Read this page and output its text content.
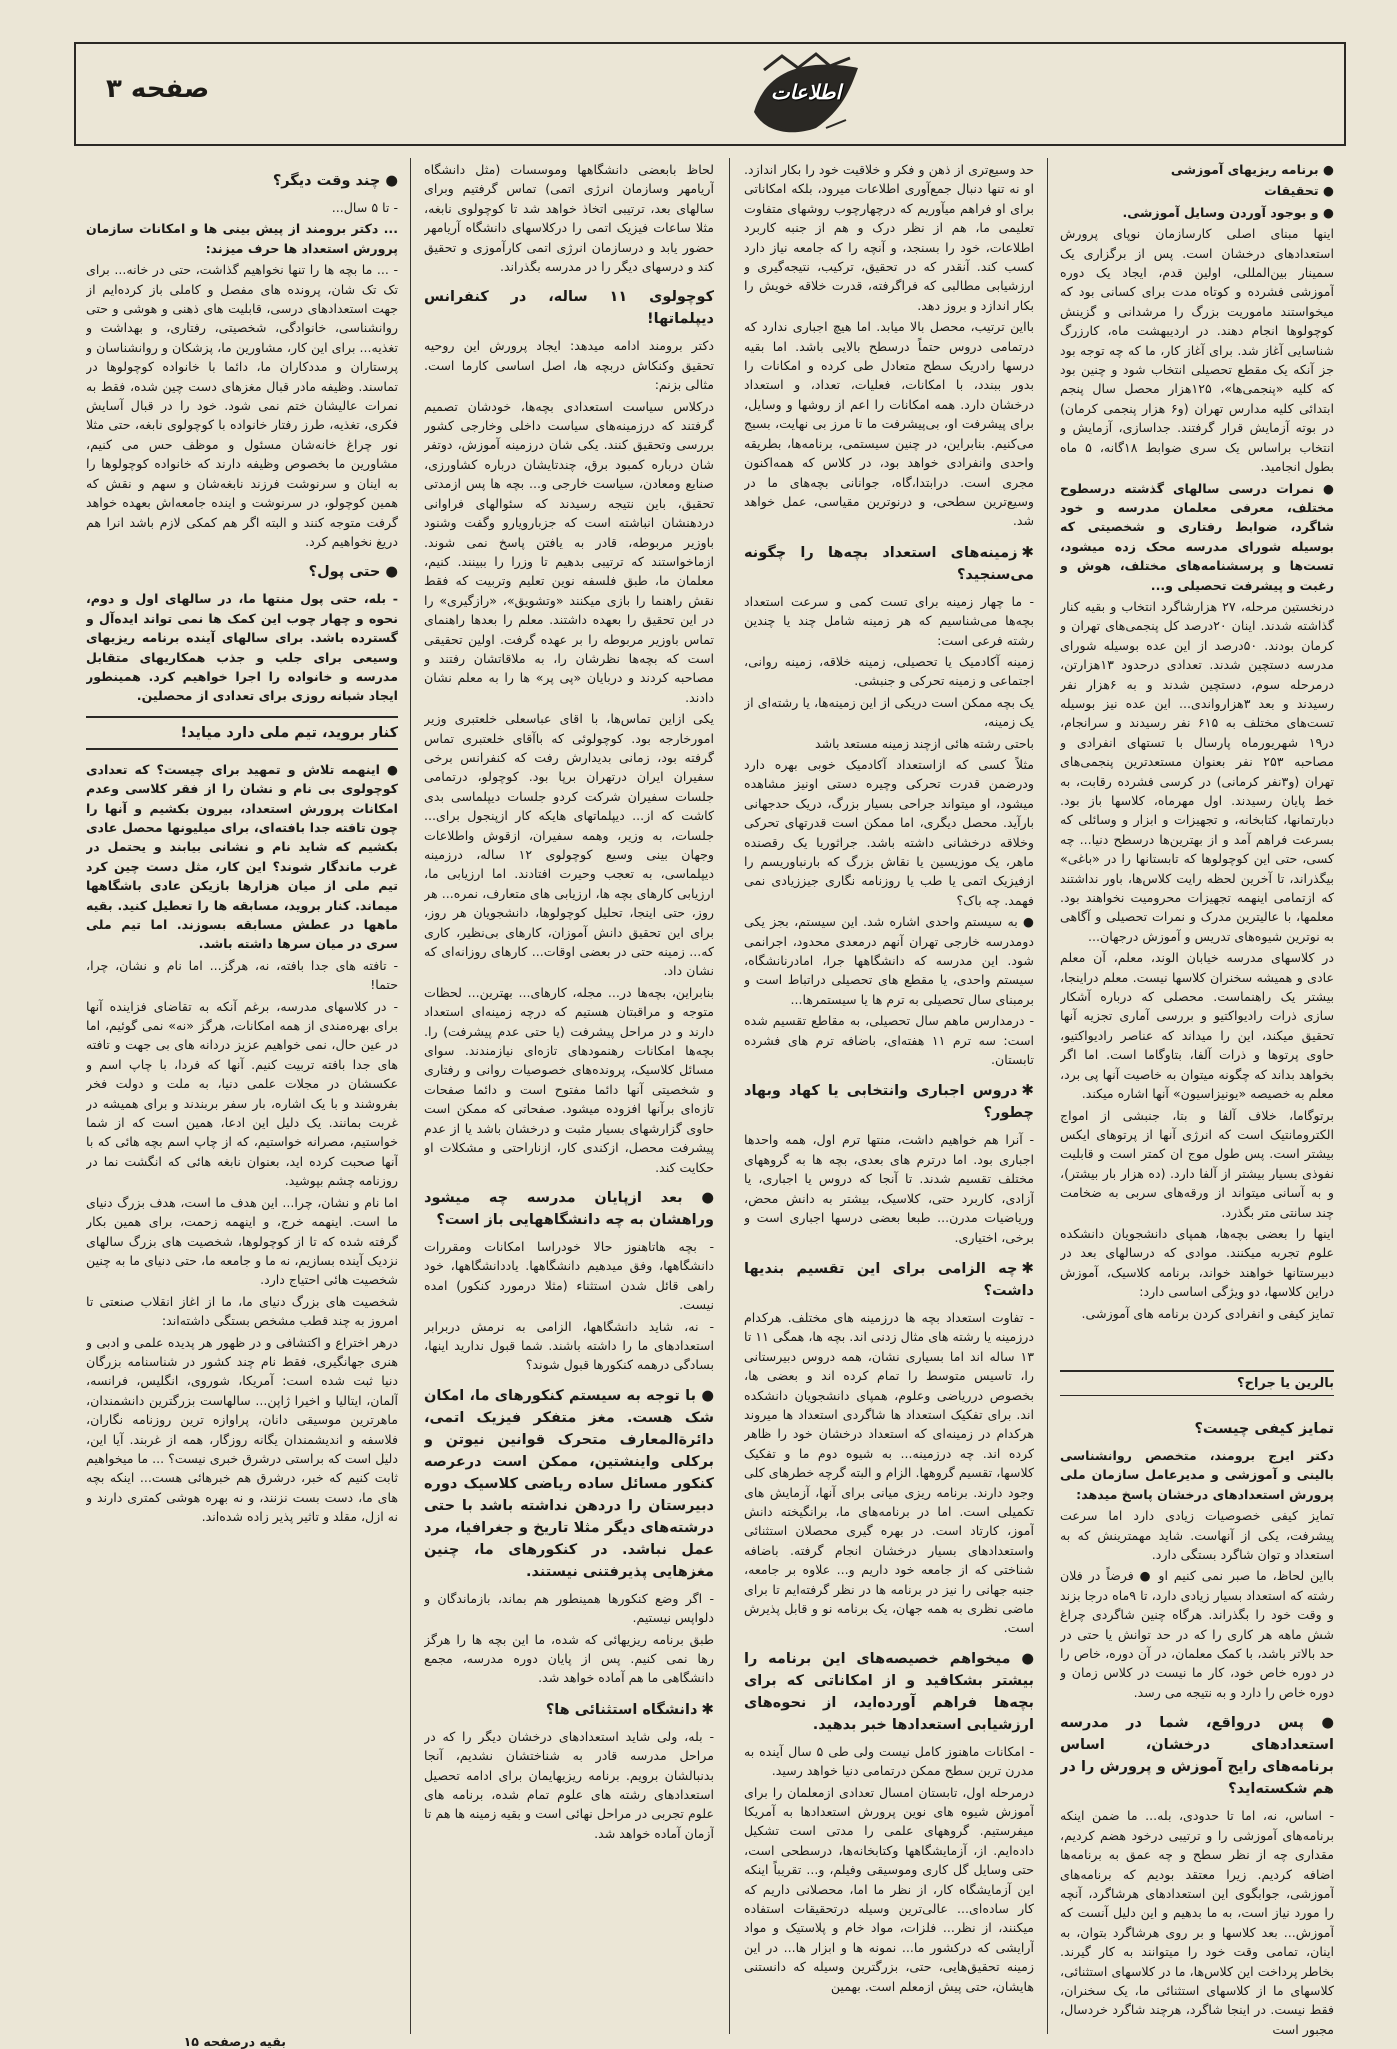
صفحه ۳	اطلاعات

● برنامه ریزیهای آموزشی

● تحقیقات

● و بوجود آوردن وسایل آموزشی.

اینها مبنای اصلی کارسازمان نوپای پرورش استعدادهای درخشان است. پس از برگزاری یک سمینار بین‌المللی، اولین قدم، ایجاد یک دوره آموزشی فشرده و کوتاه مدت برای کسانی بود که میخواستند ماموریت بزرگ را مرشدانی و گزینش کوچولوها انجام دهند. در اردیبهشت ماه، کارزرگ شناسایی آغاز شد. برای آغاز کار، ما که چه توجه بود جز آنکه یک مقطع تحصیلی انتخاب شود و چنین بود که کلیه «پنجمی‌ها»، ۱۲۵هزار محصل سال پنجم ابتدائی کلیه مدارس تهران (و۶ هزار پنجمی کرمان) در بوته آزمایش قرار گرفتند. جداسازی، آزمایش و انتخاب براساس یک سری ضوابط ۱۸گانه، ۵ ماه بطول انجامید.

● نمرات درسی سالهای گذشته درسطوح مختلف، معرفی معلمان مدرسه و خود شاگرد، ضوابط رفتاری و شخصیتی که بوسیله شورای مدرسه محک زده میشود، تست‌ها و پرسشنامه‌های مختلف، هوش و رغبت و پیشرفت تحصیلی و...

درنخستین مرحله، ۲۷ هزارشاگرد انتخاب و بقیه کنار گذاشته شدند. اینان ۲۰درصد کل پنجمی‌های تهران و کرمان بودند. ۵۰درصد از این عده بوسیله شورای مدرسه دستچین شدند. تعدادی درحدود ۱۳هزارتن، درمرحله سوم، دستچین شدند و به ۶هزار نفر رسیدند و بعد ۳هزارواندی... این عده نیز بوسیله تست‌های مختلف به ۶۱۵ نفر رسیدند و سرانجام، در۱۹ شهریورماه پارسال با تستهای انفرادی و مصاحبه ۲۵۳ نفر بعنوان مستعدترین پنجمی‌های تهران (و۳نفر کرمانی) در کرسی فشرده رقابت، به خط پایان رسیدند. اول مهرماه، کلاسها باز بود. دبارتمانها، کتابخانه، و تجهیزات و ابزار و وسائلی که بسرعت فراهم آمد و از بهترین‌ها درسطح دنیا... چه کسی، حتی این کوچولوها که تابستانها را در «باغی» بیگذراند، تا آخرین لحظه رایت کلاس‌ها، باور نداشتند که ازتمامی اینهمه تجهیزات محرومیت نخواهند بود. معلمها، با عالیترین مدرک و نمرات تحصیلی و آگاهی به نوترین شیوه‌های تدریس و آموزش درجهان...

در کلاسهای مدرسه خیابان الوند، معلم، آن معلم عادی و همیشه سخنران کلاسها نیست. معلم دراینجا، بیشتر یک راهنماست. محصلی که درباره آشکار سازی ذرات رادیواکتیو و بررسی آماری تجزیه آنها تحقیق میکند، این را میداند که عناصر رادیواکتیو، حاوی پرتوها و ذرات آلفا، بتاوگاما است. اما اگر بخواهد بداند که چگونه میتوان به خاصیت آنها پی برد، معلم به خصیصه «یونیزاسیون» آنها اشاره میکند.

برتوگاما، خلاف آلفا و بتا، جنبشی از امواج الکترومانتیک است که انرژی آنها از پرتوهای ایکس بیشتر است. پس طول موج ان کمتر است و قابلیت نفوذی بسیار بیشتر از آلفا دارد. (ده هزار بار بیشتر)، و به آسانی میتواند از ورقه‌های سربی به ضخامت چند سانتی متر بگذرد.

اینها را بعضی بچه‌ها، همپای دانشجویان دانشکده علوم تجربه میکنند. موادی که درسالهای بعد در دبیرستانها خواهند خواند، برنامه کلاسیک، آموزش دراین کلاسها، دو ویژگی اساسی دارد:

تمایز کیفی و انفرادی کردن برنامه های آموزشی.

بالرین یا جراح؟

تمایز کیفی چیست؟

دکتر ایرج برومند، متخصص روانشناسی بالینی و آموزشی و مدیرعامل سازمان ملی پرورش استعدادهای درخشان پاسخ میدهد:

تمایز کیفی خصوصیات زیادی دارد اما سرعت پیشرفت، یکی از آنهاست. شاید مهمترینش که به استعداد و توان شاگرد بستگی دارد.

بااین لحاظ، ما صبر نمی کنیم او ● فرضاً در فلان رشته که استعداد بسیار زیادی دارد، تا ۹ماه درجا بزند و وقت خود را بگذراند. هرگاه چنین شاگردی چراغ شش ماهه هر کاری را که در حد توانش یا حتی در حد بالاتر باشد، با کمک معلمان، در آن دوره، خاص را در دوره خاص خود، کار ما نیست در کلاس زمان و دوره خاص را دارد و به نتیجه می رسد.

● پس درواقع، شما در مدرسه استعدادهای درخشان، اساس برنامه‌های رایج آموزش و پرورش را در هم شکسته‌اید؟

- اساس، نه، اما تا حدودی، بله... ما ضمن اینکه برنامه‌های آموزشی را و ترتیبی درخود هضم کردیم، مقداری چه از نظر سطح و چه عمق به برنامه‌ها اضافه کردیم. زیرا معتقد بودیم که برنامه‌های آموزشی، جوابگوی این استعدادهای هرشاگرد، آنچه را مورد نیاز است، به ما بدهیم و این دلیل آنست که آموزش... بعد کلاسها و بر روی هرشاگرد بتوان، به اینان، تمامی وقت خود را میتوانند به کار گیرند. بخاطر پرداخت این کلاس‌ها، ما در کلاسهای استثنائی، کلاسهای ما از کلاسهای استثنائی ما، یک سخنران، فقط نیست. در اینجا شاگرد، هرچند شاگرد خردسال، مجبور است

حد وسیع‌تری از ذهن و فکر و خلاقیت خود را بکار اندازد. او نه تنها دنبال جمع‌آوری اطلاعات میرود، بلکه امکاناتی برای او فراهم میآوریم که درچهارچوب روشهای متفاوت تعلیمی ما، هم از نظر درک و هم از جنبه کاربرد اطلاعات، خود را بسنجد، و آنچه را که جامعه نیاز دارد کسب کند. آنقدر که در تحقیق، ترکیب، نتیجه‌گیری و ارزشیابی مطالبی که فراگرفته، قدرت خلاقه خویش را بکار اندازد و بروز دهد.

بااین ترتیب، محصل بالا میابد. اما هیچ اجباری ندارد که درتمامی دروس حتماً درسطح بالایی باشد. اما بقیه درسها رادریک سطح متعادل طی کرده و امکانات را بدور ببندد، با امکانات، فعلیات، تعداد، و استعداد درخشان دارد. همه امکانات را اعم از روشها و وسایل، برای پیشرفت او، بی‌پیشرفت ما تا مرز بی نهایت، بسیج می‌کنیم. بنابراین، در چنین سیستمی، برنامه‌ها، بطریقه واحدی وانفرادی خواهد بود، در کلاس که همه‌اکنون مجری است. درابتدا،گاه، جوانانی بچه‌های ما در وسیع‌ترین سطحی، و درنوترین مقیاسی، عمل خواهد شد.

✱زمینه‌های استعداد بچه‌ها را چگونه می‌سنجید؟

- ما چهار زمینه برای تست کمی و سرعت استعداد بچه‌ها می‌شناسیم که هر زمینه شامل چند یا چندین رشته فرعی است:

زمینه آکادمیک یا تحصیلی، زمینه خلاقه، زمینه روانی، اجتماعی و زمینه تحرکی و جنبشی.

یک بچه ممکن است دریکی از این زمینه‌ها، یا رشته‌ای از یک زمینه،

باحتی رشته هائی ازچند زمینه مستعد باشد

مثلاً کسی که ازاستعداد آکادمیک خوبی بهره دارد ودرضمن قدرت تحرکی وچیره دستی اونیز مشاهده میشود، او میتواند جراحی بسیار بزرگ، دریک حدجهانی بارآید. محصل دیگری، اما ممکن است قدرتهای تحرکی وخلاقه درخشانی داشته باشد. جراثوریا یک رقصنده ماهر، یک موزیسین یا نقاش بزرگ که بارنباوریسم را ازفیزیک اتمی یا طب یا روزنامه نگاری جیززیادی نمی فهمد. چه باک؟

● به سیستم واحدی اشاره شد. این سیستم، بجز یکی دومدرسه خارجی تهران آنهم درمعدی محدود، اجرانمی شود. این مدرسه که دانشگاهها جرا، امادرنانشگاه، سیستم واحدی، یا مقطع های تحصیلی دراتباط است و برمبنای سال تحصیلی به ترم ها یا سیستمرها...

- درمدارس ماهم سال تحصیلی، به مقاطع تقسیم شده است: سه ترم ۱۱ هفته‌ای، باضافه ترم های فشرده تابستان.

✱دروس اجباری وانتخابی یا کهاد وبهاد چطور؟

- آنرا هم خواهیم داشت، منتها ترم اول، همه واحدها اجباری بود. اما درترم های بعدی، بچه ها به گروههای مختلف تقسیم شدند. تا آنجا که دروس یا اجباری، یا آزادی، کاربرد حتی، کلاسیک، بیشتر به دانش محض، وریاضیات مدرن... طبعا بعضی درسها اجباری است و برخی، اختیاری.

✱چه الزامی برای این تقسیم بندیها داشت؟

- تفاوت استعداد بچه ها درزمینه های مختلف. هرکدام درزمینه یا رشته های مثال زدنی اند. بچه ها، همگی ۱۱ تا ۱۳ ساله اند اما بسیاری نشان، همه دروس دبیرستانی را، تاسیس متوسط را تمام کرده اند و بعضی ها، بخصوص درریاضی وعلوم، همپای دانشجویان دانشکده اند. برای تفکیک استعداد ها شاگردی استعداد ها میروند هرکدام در زمینه‌ای که استعداد درخشان خود را ظاهر کرده اند. چه درزمینه... به شیوه دوم ما و تفکیک کلاسها، تقسیم گروهها. الزام و البته گرچه خطرهای کلی وجود دارند. برنامه ریزی میانی برای آنها، آزمایش های تکمیلی است. اما در برنامه‌های ما، برانگیخته دانش آموز، کارتاد است. در بهره گیری محصلان استثنائی واستعدادهای بسیار درخشان انجام گرفته. باضافه شناختی که از جامعه خود داریم و... علاوه بر جامعه، جنبه جهانی را نیز در برنامه ها در نظر گرفته‌ایم تا برای ماضی نظری به همه جهان، یک برنامه نو و قابل پذیرش است.

● میخواهم خصیصه‌های این برنامه را بیشتر بشکافید و از امکاناتی که برای بچه‌ها فراهم آورده‌اید، از نحوه‌های ارزشیابی استعدادها خبر بدهید.

- امکانات ماهنوز کامل نیست ولی طی ۵ سال آینده به مدرن ترین سطح ممکن درتمامی دنیا خواهد رسید.

درمرحله اول، تابستان امسال تعدادی ازمعلمان را برای آموزش شیوه های نوین پرورش استعدادها به آمریکا میفرستیم. گروههای علمی را مدتی است تشکیل داده‌ایم. از، آزمایشگاهها وکتابخانه‌ها، درسطحی است، حتی وسایل گل کاری وموسیقی وفیلم، و... تقریباً اینکه این آزمایشگاه کار، از نظر ما اما، محصلانی داریم که کار ساده‌ای... عالی‌ترین وسیله درتحقیقات استفاده میکنند، از نظر... فلزات، مواد خام و پلاستیک و مواد آرایشی که درکشور ما... نمونه ها و ابزار ها... در این زمینه تحقیق‌هایی، حتی، بزرگترین وسیله که دانستنی هایشان، حتی پیش ازمعلم است. بهمین

لحاظ بابعضی دانشگاهها وموسسات (مثل دانشگاه آریامهر وسازمان انرژی اتمی) تماس گرفتیم وبرای سالهای بعد، ترتیبی اتخاذ خواهد شد تا کوچولوی نابغه، مثلا ساعات فیزیک اتمی را درکلاسهای دانشگاه آریامهر حضور یابد و درسازمان انرژی اتمی کارآموزی و تحقیق کند و درسهای دیگر را در مدرسه بگذراند.

کوچولوی ۱۱ ساله، در کنفرانس دیپلماتها!

دکتر برومند ادامه میدهد: ایجاد پرورش این روحیه تحقیق وکنکاش دربچه ها، اصل اساسی کارما است. مثالی بزنم:

درکلاس سیاست استعدادی بچه‌ها، خودشان تصمیم گرفتند که درزمینه‌های سیاست داخلی وخارجی کشور بررسی وتحقیق کنند. یکی شان درزمینه آموزش، دوتفر شان درباره کمبود برق، چندتایشان درباره کشاورزی، صنایع ومعادن، سیاست خارجی و... بچه ها پس ازمدتی تحقیق، باین نتیجه رسیدند که سئوالهای فراوانی دردهنشان انباشته است که جزبارویارو وگفت وشنود باوزیر مربوطه، قادر به یافتن پاسخ نمی شوند. ازماخواستند که ترتیبی بدهیم تا وزرا را ببینند. کنیم، معلمان ما، طبق فلسفه نوین تعلیم وتربیت که فقط نقش راهنما را بازی میکنند «وتشویق»، «رازگیری» را در این تحقیق را بعهده داشتند. معلم را بعدها راهنمای تماس باوزیر مربوطه را بر عهده گرفت. اولین تحقیقی است که بچه‌ها نظرشان را، به ملاقاتشان رفتند و مصاحبه کردند و دربایان «پی پر» ها را به معلم نشان دادند.

یکی ازاین تماس‌ها، با اقای عباسعلی خلعتبری وزیر امورخارجه بود. کوچولوئی که باآقای خلعتبری تماس گرفته بود، زمانی بدیدارش رفت که کنفرانس برخی سفیران ایران درتهران برپا بود. کوچولو، درتمامی جلسات سفیران شرکت کردو جلسات دیپلماسی بدی کاشت که از... دیپلماتهای هایکه کار ازپنجول برای... جلسات، به وزیر، وهمه سفیران، ازقوش واطلاعات وجهان بینی وسیع کوچولوی ۱۲ ساله، درزمینه دیپلماسی، به تعجب وحیرت افتادند. اما ارزیابی ما، ارزیابی کارهای بچه ها، ارزیابی های متعارف، نمره... هر روز، حتی اینجا، تحلیل کوچولوها، دانشجویان هر روز، برای این تحقیق دانش آموزان، کارهای بی‌نظیر، کاری که... زمینه حتی در بعضی اوقات... کارهای روزانه‌ای که نشان داد.

بنابراین، بچه‌ها در... مجله، کارهای... بهترین... لحظات متوجه و مراقبتان هستیم که درچه زمینه‌ای استعداد دارند و در مراحل پیشرفت (یا حتی عدم پیشرفت) را. بچه‌ها امکانات رهنمودهای تازه‌ای نیازمندند. سوای مسائل کلاسیک، پرونده‌های خصوصیات روانی و رفتاری و شخصیتی آنها دائما مفتوح است و دائما صفحات تازه‌ای برآنها افزوده میشود. صفحاتی که ممکن است حاوی گزارشهای بسیار مثبت و درخشان باشد یا از عدم پیشرفت محصل، ازکندی کار، ازناراحتی و مشکلات او حکایت کند.

● بعد ازپایان مدرسه چه میشود وراهشان به چه دانشگاههایی باز است؟

- بچه هاتاهنوز حالا خودراسا امکانات ومقررات دانشگاهها، وفق میدهیم دانشگاهها. یاددانشگاهها، خود راهی قائل شدن استثناء (مثلا درمورد کنکور) امده نیست.

- نه، شاید دانشگاهها، الزامی به نرمش دربرابر استعدادهای ما را داشته باشند. شما قبول ندارید اینها، بسادگی درهمه کنکورها قبول شوند؟

● با توجه به سیستم کنکورهای ما، امکان شک هست. مغز متفکر فیزیک اتمی، دائرةالمعارف متحرک قوانین نیوتن و برکلی واینشتین، ممکن است درعرصه کنکور مسائل ساده ریاضی کلاسیک دوره دبیرستان را دردهن نداشته باشد با حتی درشته‌های دیگر مثلا تاریخ و جغرافیا، مرد عمل نباشد. در کنکورهای ما، چنین مغزهایی پذیرفتنی نیستند.

- اگر وضع کنکورها همینطور هم بماند، بازماندگان و دلواپس نیستیم.

طبق برنامه ریزیهائی که شده، ما این بچه ها را هرگز رها نمی کنیم. پس از پایان دوره مدرسه، مجمع دانشگاهی ما هم آماده خواهد شد.

✱دانشگاه استثنائی ها؟

- بله، ولی شاید استعدادهای درخشان دیگر را که در مراحل مدرسه قادر به شناختشان نشدیم، آنجا بدنبالشان برویم. برنامه ریزیهایمان برای ادامه تحصیل استعدادهای رشته های علوم تمام شده، برنامه های علوم تجربی در مراحل نهائی است و بقیه زمینه ها هم تا آزمان آماده خواهد شد.

● چند وقت دیگر؟

- تا ۵ سال...

... دکتر برومند از پیش بینی ها و امکانات سازمان پرورش استعداد ها حرف میزند:

- ... ما بچه ها را تنها نخواهیم گذاشت، حتی در خانه... برای تک تک شان، پرونده های مفصل و کاملی باز کرده‌ایم از جهت استعدادهای درسی، قابلیت های ذهنی و هوشی و حتی روانشناسی، خانوادگی، شخصیتی، رفتاری، و بهداشت و تغذیه... برای این کار، مشاورین ما، پزشکان و روانشناسان و پرستاران و مددکاران ما، دائما با خانواده کوچولوها در تماسند. وظیفه مادر قبال مغزهای دست چین شده، فقط به نمرات عالیشان ختم نمی شود. خود را در قبال آسایش فکری، تغذیه، طرز رفتار خانواده با کوچولوی نابغه، حتی مثلا نور چراغ خانه‌شان مسئول و موظف حس می کنیم، مشاورین ما بخصوص وظیفه دارند که خانواده کوچولوها را به اینان و سرنوشت فرزند نابغه‌شان و سهم و نقش که همین کوچولو، در سرنوشت و اینده جامعه‌اش بعهده خواهد گرفت متوجه کنند و البته اگر هم کمکی لازم باشد انرا هم دریغ نخواهیم کرد.

● حتی پول؟

- بله، حتی پول منتها ما، در سالهای اول و دوم، نحوه و چهار چوب این کمک ها نمی تواند ایده‌آل و گسترده باشد. برای سالهای آینده برنامه ریزیهای وسیعی برای جلب و جذب همکاریهای متقابل مدرسه و خانواده را اجرا خواهیم کرد. همینطور ایجاد شبانه روزی برای تعدادی از محصلین.

کنار بروید، تیم ملی دارد میاید!

● اینهمه تلاش و تمهید برای چیست؟ که تعدادی کوچولوی بی نام و نشان را از فقر کلاسی وعدم امکانات پرورش استعداد، بیرون بکشیم و آنها را چون تافته جدا بافته‌ای، برای میلیونها محصل عادی بکشیم که شاید نام و نشانی بیابند و یحتمل در غرب ماندگار شوند؟ این کار، مثل دست چین کرد تیم ملی از میان هزارها بازیکن عادی باشگاهها میماند. کنار بروید، مسابقه ها را تعطیل کنید. بقیه ماهها در عطش مسابقه بسوزند. اما تیم ملی سری در میان سرها داشته باشد.

- تافته های جدا بافته، نه، هرگز... اما نام و نشان، چرا، حتما!

- در کلاسهای مدرسه، برغم آنکه به تقاضای فزاینده آنها برای بهره‌مندی از همه امکانات، هرگز «نه» نمی گوئیم، اما در عین حال، نمی خواهیم عزیز دردانه های بی جهت و تافته های جدا بافته تربیت کنیم. آنها که فردا، با چاپ اسم و عکسشان در مجلات علمی دنیا، به ملت و دولت فخر بفروشند و با یک اشاره، بار سفر بربندند و برای همیشه در غربت بمانند. یک دلیل این ادعا، همین است که از شما خواستیم، مصرانه خواستیم، که از چاپ اسم بچه هائی که با آنها صحبت کرده اید، بعنوان نابغه هائی که انگشت نما در روزنامه چشم بپوشید.

اما نام و نشان، چرا... این هدف ما است، هدف بزرگ دنیای ما است. اینهمه خرج، و اینهمه زحمت، برای همین بکار گرفته شده که تا از کوچولوها، شخصیت های بزرگ سالهای نزدیک آینده بسازیم، نه ما و جامعه ما، حتی دنیای ما به چنین شخصیت هائی احتیاج دارد.

شخصیت های بزرگ دنیای ما، ما از اغاز انقلاب صنعتی تا امروز به چند قطب مشخص بستگی داشته‌اند:

درهر اختراع و اکتشافی و در ظهور هر پدیده علمی و ادبی و هنری جهانگیری، فقط نام چند کشور در شناسنامه بزرگان دنیا ثبت شده است: آمریکا، شوروی، انگلیس، فرانسه، آلمان، ایتالیا و اخیرا ژاپن... سالهاست بزرگترین دانشمندان، ماهرترین موسیقی دانان، پراوازه ترین روزنامه نگاران، فلاسفه و اندیشمندان یگانه روزگار، همه از غربند. آیا این، دلیل است که براستی درشرق خبری نیست؟ ... ما میخواهیم ثابت کنیم که خبر، درشرق هم خبرهائی هست... اینکه بچه های ما، دست بست نزنند، و نه بهره هوشی کمتری دارند و نه ازل، مقلد و تاثیر پذیر زاده شده‌اند.

بقیه درصفحه ۱۵
